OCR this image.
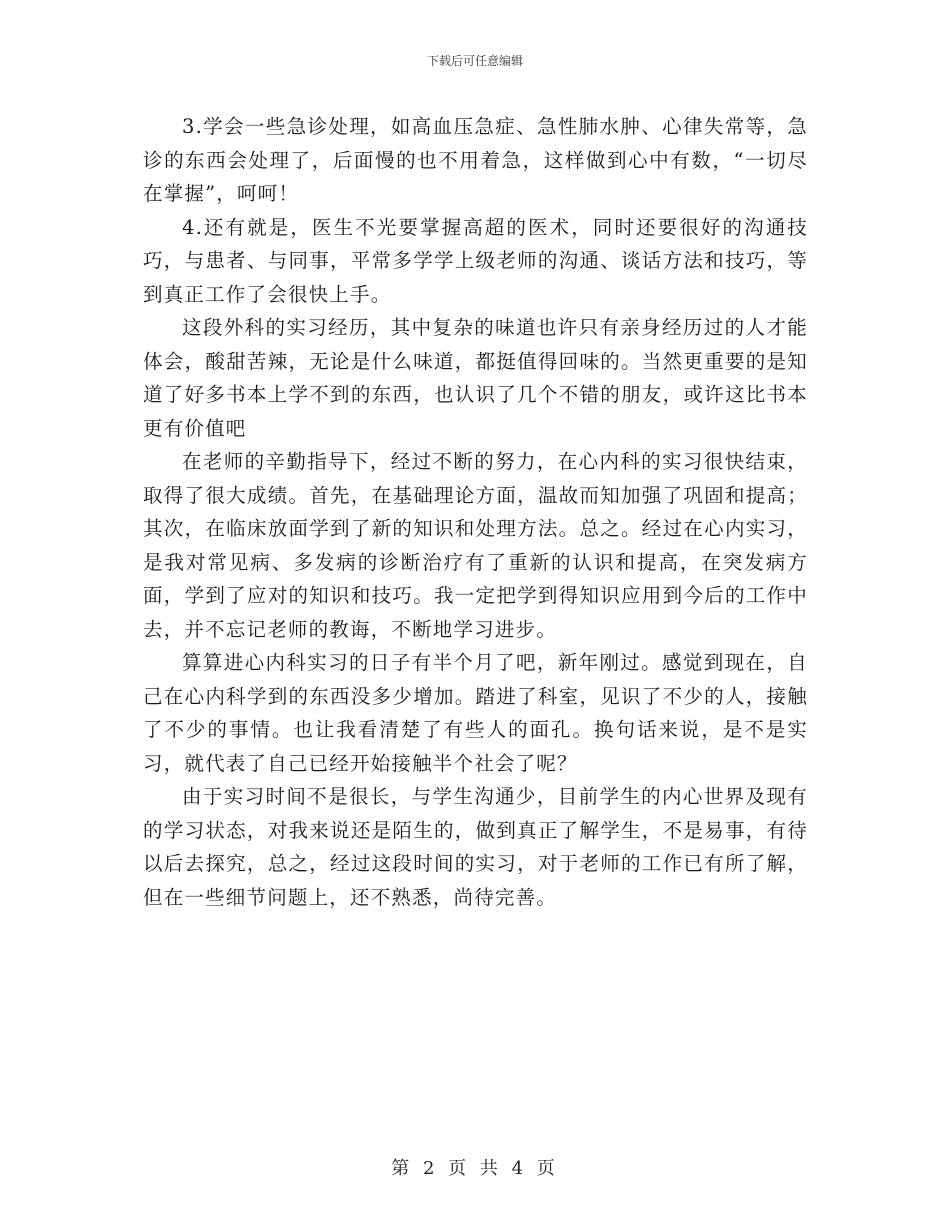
下载后可任意编辑

3.学会一些急诊处理，如高血压急症、急性肺水肿、心律失常等，急诊的东西会处理了，后面慢的也不用着急，这样做到心中有数，“一切尽在掌握”，呵呵！

4.还有就是，医生不光要掌握高超的医术，同时还要很好的沟通技巧，与患者、与同事，平常多学学上级老师的沟通、谈话方法和技巧，等到真正工作了会很快上手。

这段外科的实习经历，其中复杂的味道也许只有亲身经历过的人才能体会，酸甜苦辣，无论是什么味道，都挺值得回味的。当然更重要的是知道了好多书本上学不到的东西，也认识了几个不错的朋友，或许这比书本更有价值吧

在老师的辛勤指导下，经过不断的努力，在心内科的实习很快结束，取得了很大成绩。首先，在基础理论方面，温故而知加强了巩固和提高；其次，在临床放面学到了新的知识和处理方法。总之。经过在心内实习，是我对常见病、多发病的诊断治疗有了重新的认识和提高，在突发病方面，学到了应对的知识和技巧。我一定把学到得知识应用到今后的工作中去，并不忘记老师的教诲，不断地学习进步。

算算进心内科实习的日子有半个月了吧，新年刚过。感觉到现在，自己在心内科学到的东西没多少增加。踏进了科室，见识了不少的人，接触了不少的事情。也让我看清楚了有些人的面孔。换句话来说，是不是实习，就代表了自己已经开始接触半个社会了呢？

由于实习时间不是很长，与学生沟通少，目前学生的内心世界及现有的学习状态，对我来说还是陌生的，做到真正了解学生，不是易事，有待以后去探究，总之，经过这段时间的实习，对于老师的工作已有所了解，但在一些细节问题上，还不熟悉，尚待完善。

第 2 页 共 4 页
